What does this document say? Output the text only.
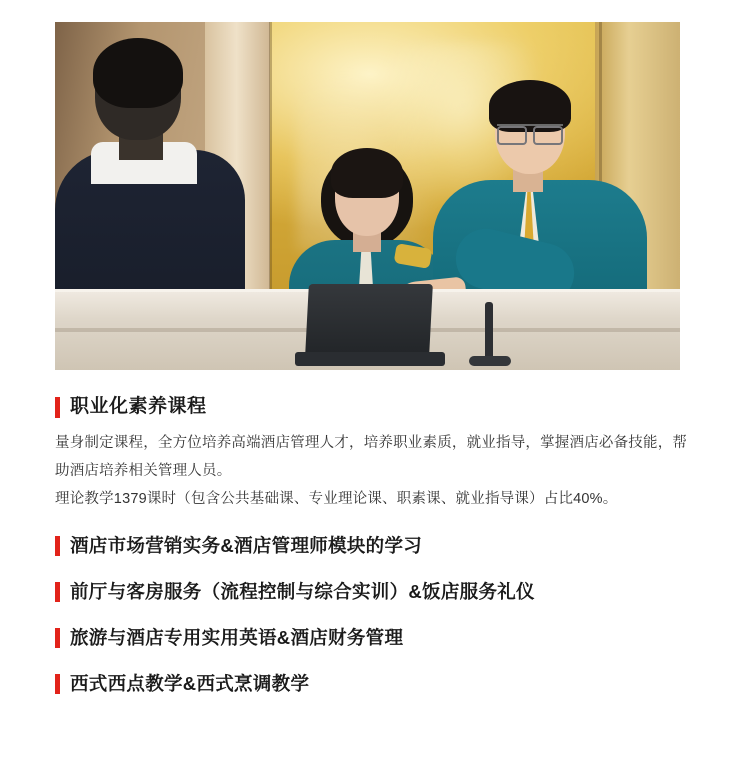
职业化素养课程

量身制定课程，全方位培养高端酒店管理人才，培养职业素质，就业指导，掌握酒店必备技能，帮助酒店培养相关管理人员。

理论教学1379课时（包含公共基础课、专业理论课、职素课、就业指导课）占比40%。

酒店市场营销实务&酒店管理师模块的学习
前厅与客房服务（流程控制与综合实训）&饭店服务礼仪
旅游与酒店专用实用英语&酒店财务管理
西式西点教学&西式烹调教学
